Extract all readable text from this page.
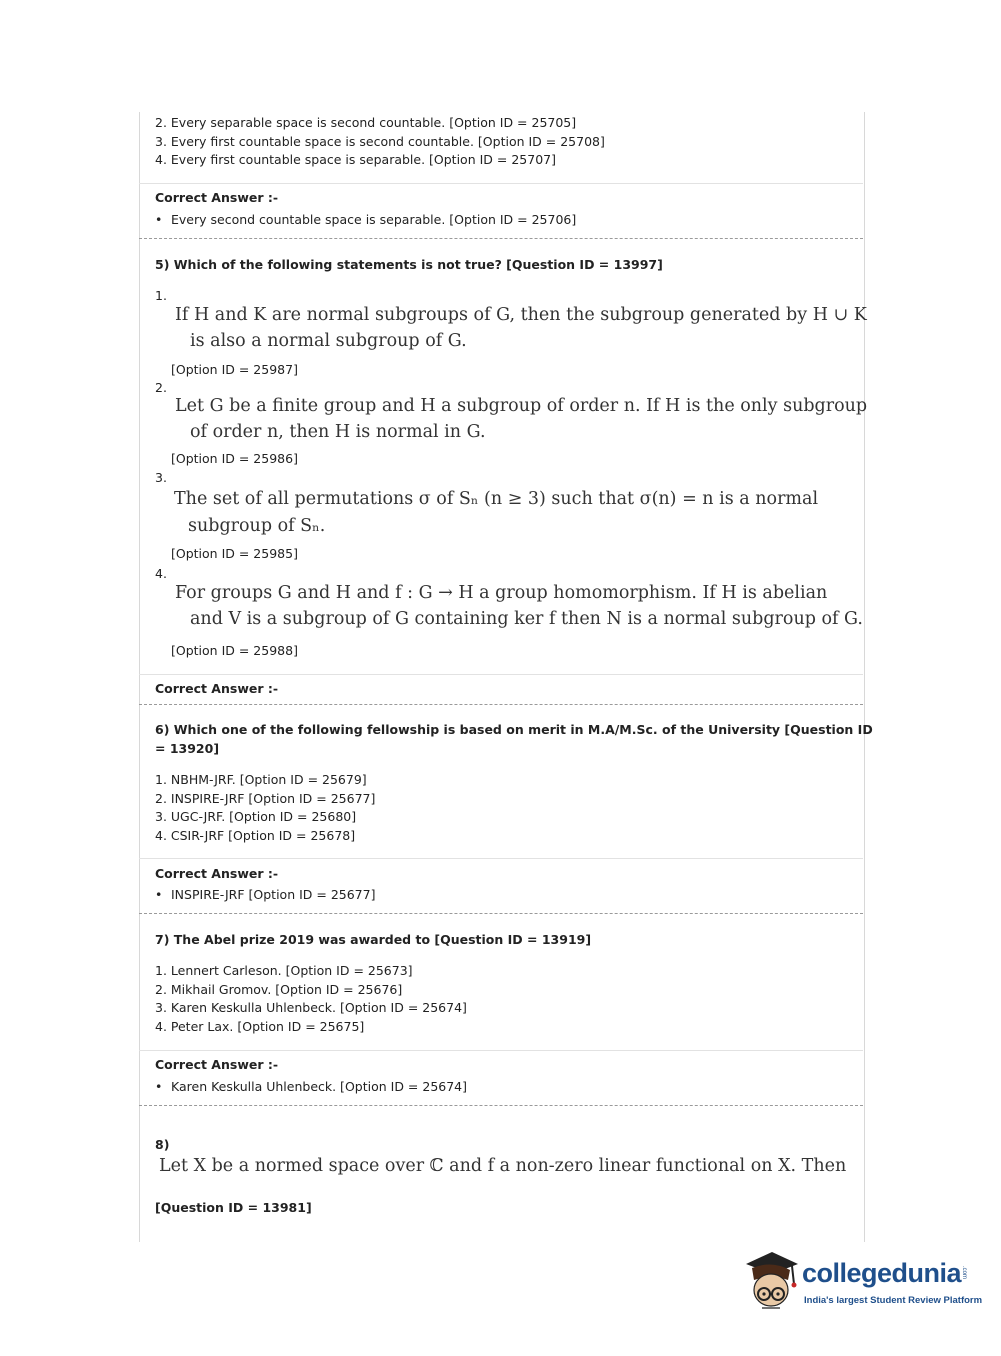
2. Every separable space is second countable. [Option ID = 25705]
3. Every first countable space is second countable. [Option ID = 25708]
4. Every first countable space is separable. [Option ID = 25707]
Correct Answer :-
• Every second countable space is separable. [Option ID = 25706]
5) Which of the following statements is not true? [Question ID = 13997]
1.
If H and K are normal subgroups of G, then the subgroup generated by H ∪ K
is also a normal subgroup of G.
[Option ID = 25987]
2.
Let G be a finite group and H a subgroup of order n. If H is the only subgroup
of order n, then H is normal in G.
[Option ID = 25986]
3.
The set of all permutations σ of Sₙ (n ≥ 3) such that σ(n) = n is a normal
subgroup of Sₙ.
[Option ID = 25985]
4.
For groups G and H and f : G → H a group homomorphism. If H is abelian
and V is a subgroup of G containing ker f then N is a normal subgroup of G.
[Option ID = 25988]
Correct Answer :-
6) Which one of the following fellowship is based on merit in M.A/M.Sc. of the University [Question ID
= 13920]
1. NBHM-JRF. [Option ID = 25679]
2. INSPIRE-JRF [Option ID = 25677]
3. UGC-JRF. [Option ID = 25680]
4. CSIR-JRF [Option ID = 25678]
Correct Answer :-
• INSPIRE-JRF [Option ID = 25677]
7) The Abel prize 2019 was awarded to [Question ID = 13919]
1. Lennert Carleson. [Option ID = 25673]
2. Mikhail Gromov. [Option ID = 25676]
3. Karen Keskulla Uhlenbeck. [Option ID = 25674]
4. Peter Lax. [Option ID = 25675]
Correct Answer :-
• Karen Keskulla Uhlenbeck. [Option ID = 25674]
8)
Let X be a normed space over ℂ and f a non-zero linear functional on X. Then
[Question ID = 13981]
collegedunia .com
India's largest Student Review Platform
